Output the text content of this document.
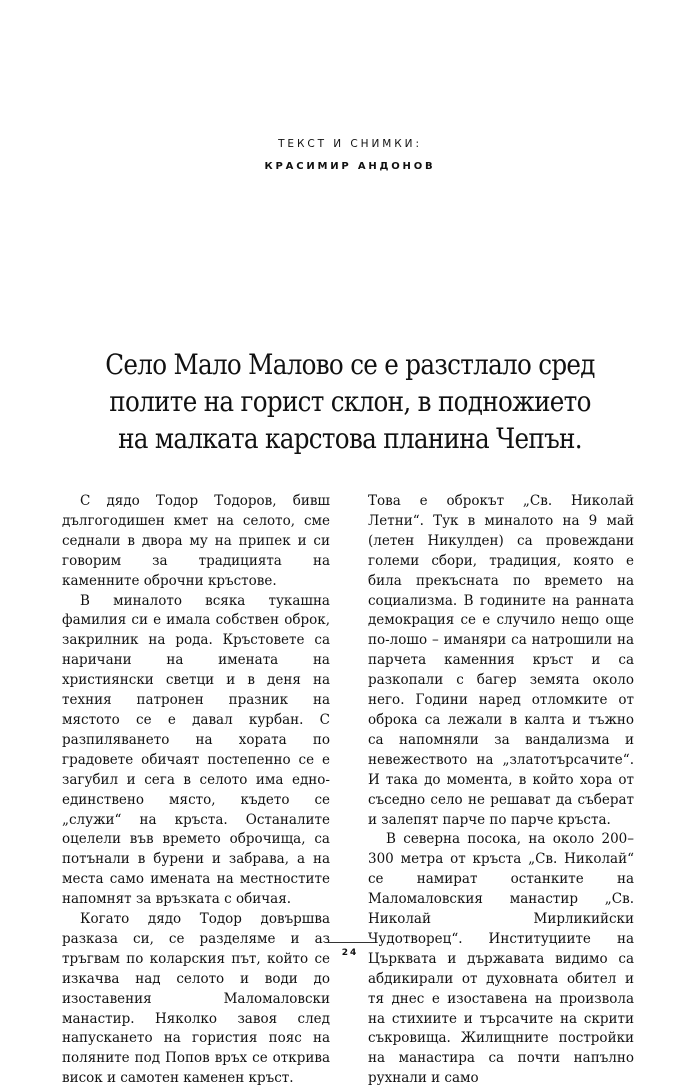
ТЕКСТ И СНИМКИ:
КРАСИМИР АНДОНОВ
Село Мало Малово се е разстлало сред
полите на горист склон, в подножието
на малката карстова планина Чепън.

С дядо Тодор Тодоров, бивш дългогодишен кмет на селото, сме седнали в двора му на припек и си говорим за традицията на каменните оброчни кръстове.

В миналото всяка тукашна фамилия си е имала собствен оброк, закрилник на рода. Кръстовете са наричани на имената на християнски светци и в деня на техния патронен празник на мястото се е давал курбан. С разпиляването на хората по градовете обичаят постепенно се е загубил и сега в селото има едно-единствено място, където се „служи“ на кръста. Останалите оцелели във времето оброчища, са потънали в бурени и забрава, а на места само имената на местностите напомнят за връзката с обичая.

Когато дядо Тодор довършва разказа си, се разделяме и аз тръгвам по коларския път, който се изкачва над селото и води до изоставения Маломаловски манастир. Няколко завоя след напускането на гористия пояс на поляните под Попов връх се открива висок и самотен каменен кръст.

Това е оброкът „Св. Николай Летни“. Тук в миналото на 9 май (летен Никулден) са провеждани големи сбори, традиция, която е била прекъсната по времето на социализма. В годините на ранната демокрация се е случило нещо още по-лошо – иманяри са натрошили на парчета каменния кръст и са разкопали с багер земята около него. Години наред отломките от оброка са лежали в калта и тъжно са напомняли за вандализма и невежеството на „златотърсачите“. И така до момента, в който хора от съседно село не решават да съберат и залепят парче по парче кръста.

В северна посока, на около 200–300 метра от кръста „Св. Николай“ се намират останките на Маломаловския манастир „Св. Николай Мирликийски Чудотворец“. Институциите на Църквата и държавата видимо са абдикирали от духовната обител и тя днес е изоставена на произвола на стихиите и търсачите на скрити съкровища. Жилищните постройки на манастира са почти напълно рухнали и само

24
